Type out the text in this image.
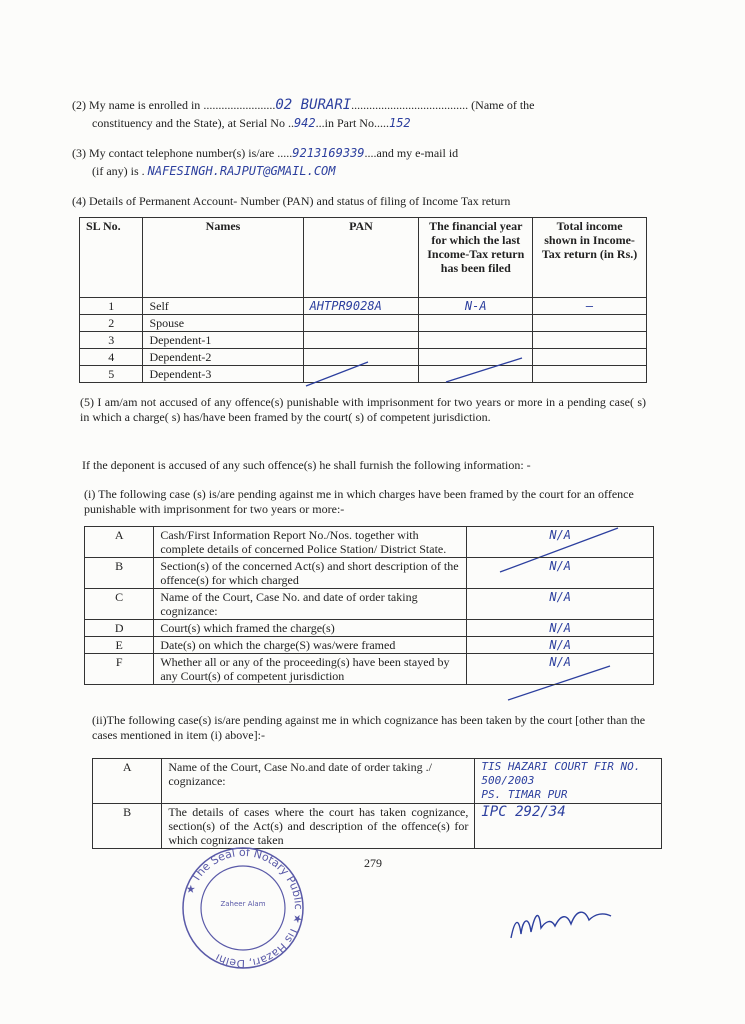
(2) My name is enrolled in ........................02 BURARI....................................... (Name of the
constituency and the State), at Serial No ..942...in Part No.....152
(3) My contact telephone number(s) is/are .....9213169339....and my e-mail id
(if any) is . NAFESINGH.RAJPUT@GMAIL.COM
(4) Details of Permanent Account- Number (PAN) and status of filing of Income Tax return
SL No.	Names	PAN	The financial year for which the last Income-Tax return has been filed	Total income shown in Income-Tax return (in Rs.)
1	Self	AHTPR9028A	N-A	—
2	Spouse			
3	Dependent-1			
4	Dependent-2			
5	Dependent-3			
(5) I am/am not accused of any offence(s) punishable with imprisonment for two years or more in a pending case( s) in which a charge( s) has/have been framed by the court( s) of competent jurisdiction.
If the deponent is accused of any such offence(s) he shall furnish the following information: -
(i) The following case (s) is/are pending against me in which charges have been framed by the court for an offence punishable with imprisonment for two years or more:-
A	Cash/First Information Report No./Nos. together with complete details of concerned Police Station/ District State.	N/A
B	Section(s) of the concerned Act(s) and short description of the offence(s) for which charged	N/A
C	Name of the Court, Case No. and date of order taking cognizance:	N/A
D	Court(s) which framed the charge(s)	N/A
E	Date(s) on which the charge(S) was/were framed	N/A
F	Whether all or any of the proceeding(s) have been stayed by any Court(s) of competent jurisdiction	N/A
(ii)The following case(s) is/are pending against me in which cognizance has been taken by the court [other than the cases mentioned in item (i) above]:-
A	Name of the Court, Case No.and date of order taking ./ cognizance:	TIS HAZARI COURT FIR NO. 500/2003
PS. TIMAR PUR

B	The details of cases where the court has taken cognizance, section(s) of the Act(s) and description of the offence(s) for which cognizance taken	IPC 292/34
279
★ The Seal of Notary Public ★ Tis Hazari, Delhi
Zaheer Alam
